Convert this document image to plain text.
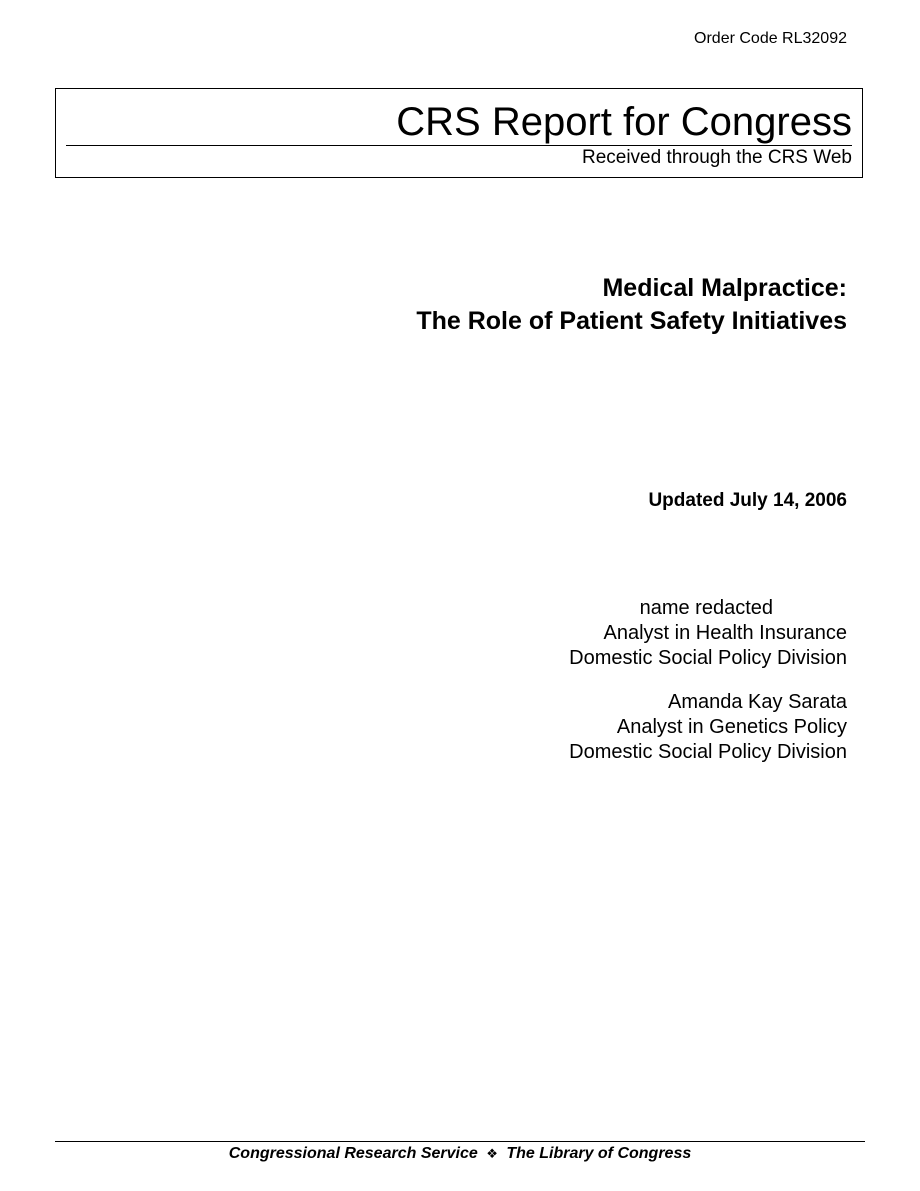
Order Code RL32092
CRS Report for Congress
Received through the CRS Web
Medical Malpractice:
The Role of Patient Safety Initiatives
Updated July 14, 2006
name redacted
Analyst in Health Insurance
Domestic Social Policy Division
Amanda Kay Sarata
Analyst in Genetics Policy
Domestic Social Policy Division
Congressional Research Service ❖ The Library of Congress
